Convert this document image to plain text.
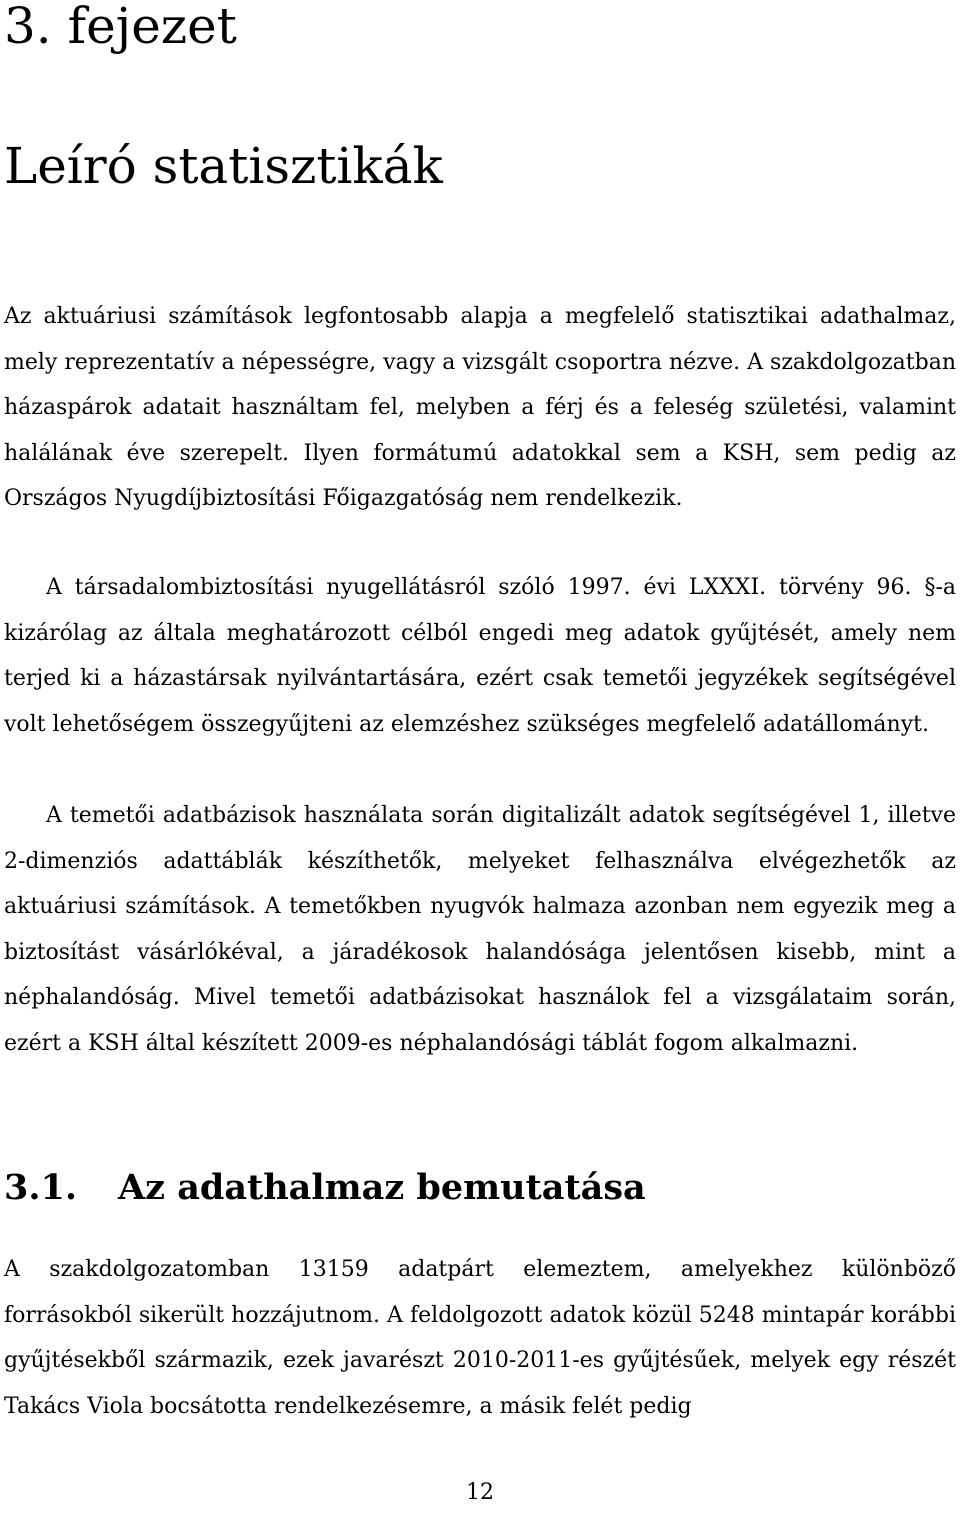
3. fejezet
Leíró statisztikák

Az aktuáriusi számítások legfontosabb alapja a megfelelő statisztikai adathalmaz, mely reprezentatív a népességre, vagy a vizsgált csoportra nézve. A szakdolgozatban házaspárok adatait használtam fel, melyben a férj és a feleség születési, valamint halálának éve szerepelt. Ilyen formátumú adatokkal sem a KSH, sem pedig az Országos Nyugdíjbiztosítási Főigazgatóság nem rendelkezik.

A társadalombiztosítási nyugellátásról szóló 1997. évi LXXXI. törvény 96. §-a kizárólag az általa meghatározott célból engedi meg adatok gyűjtését, amely nem terjed ki a házastársak nyilvántartására, ezért csak temetői jegyzékek segítségével volt lehetőségem összegyűjteni az elemzéshez szükséges megfelelő adatállományt.

A temetői adatbázisok használata során digitalizált adatok segítségével 1, illetve 2-dimenziós adattáblák készíthetők, melyeket felhasználva elvégezhetők az aktuáriusi számítások. A temetőkben nyugvók halmaza azonban nem egyezik meg a biztosítást vásárlókéval, a járadékosok halandósága jelentősen kisebb, mint a néphalandóság. Mivel temetői adatbázisokat használok fel a vizsgálataim során, ezért a KSH által készített 2009-es néphalandósági táblát fogom alkalmazni.

3.1. Az adathalmaz bemutatása

A szakdolgozatomban 13159 adatpárt elemeztem, amelyekhez különböző forrásokból sikerült hozzájutnom. A feldolgozott adatok közül 5248 mintapár korábbi gyűjtésekből származik, ezek javarészt 2010-2011-es gyűjtésűek, melyek egy részét Takács Viola bocsátotta rendelkezésemre, a másik felét pedig

12
